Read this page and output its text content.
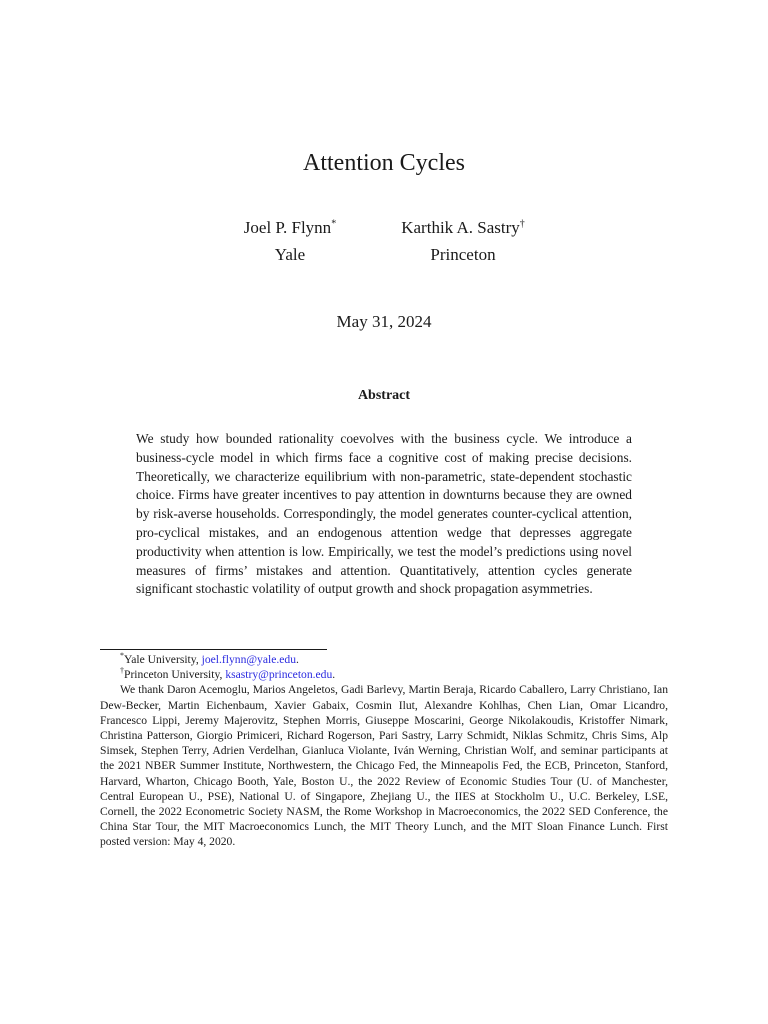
Attention Cycles
Joel P. Flynn*
Yale
Karthik A. Sastry†
Princeton
May 31, 2024
Abstract
We study how bounded rationality coevolves with the business cycle. We introduce a business-cycle model in which firms face a cognitive cost of making precise decisions. Theoretically, we characterize equilibrium with non-parametric, state-dependent stochastic choice. Firms have greater incentives to pay attention in downturns because they are owned by risk-averse households. Correspondingly, the model generates counter-cyclical attention, pro-cyclical mistakes, and an endogenous attention wedge that depresses aggregate productivity when attention is low. Empirically, we test the model’s predictions using novel measures of firms’ mistakes and attention. Quantitatively, attention cycles generate significant stochastic volatility of output growth and shock propagation asymmetries.
*Yale University, joel.flynn@yale.edu.
†Princeton University, ksastry@princeton.edu.
We thank Daron Acemoglu, Marios Angeletos, Gadi Barlevy, Martin Beraja, Ricardo Caballero, Larry Christiano, Ian Dew-Becker, Martin Eichenbaum, Xavier Gabaix, Cosmin Ilut, Alexandre Kohlhas, Chen Lian, Omar Licandro, Francesco Lippi, Jeremy Majerovitz, Stephen Morris, Giuseppe Moscarini, George Nikolakoudis, Kristoffer Nimark, Christina Patterson, Giorgio Primiceri, Richard Rogerson, Pari Sastry, Larry Schmidt, Niklas Schmitz, Chris Sims, Alp Simsek, Stephen Terry, Adrien Verdelhan, Gianluca Violante, Iván Werning, Christian Wolf, and seminar participants at the 2021 NBER Summer Institute, Northwestern, the Chicago Fed, the Minneapolis Fed, the ECB, Princeton, Stanford, Harvard, Wharton, Chicago Booth, Yale, Boston U., the 2022 Review of Economic Studies Tour (U. of Manchester, Central European U., PSE), National U. of Singapore, Zhejiang U., the IIES at Stockholm U., U.C. Berkeley, LSE, Cornell, the 2022 Econometric Society NASM, the Rome Workshop in Macroeconomics, the 2022 SED Conference, the China Star Tour, the MIT Macroeconomics Lunch, the MIT Theory Lunch, and the MIT Sloan Finance Lunch. First posted version: May 4, 2020.
